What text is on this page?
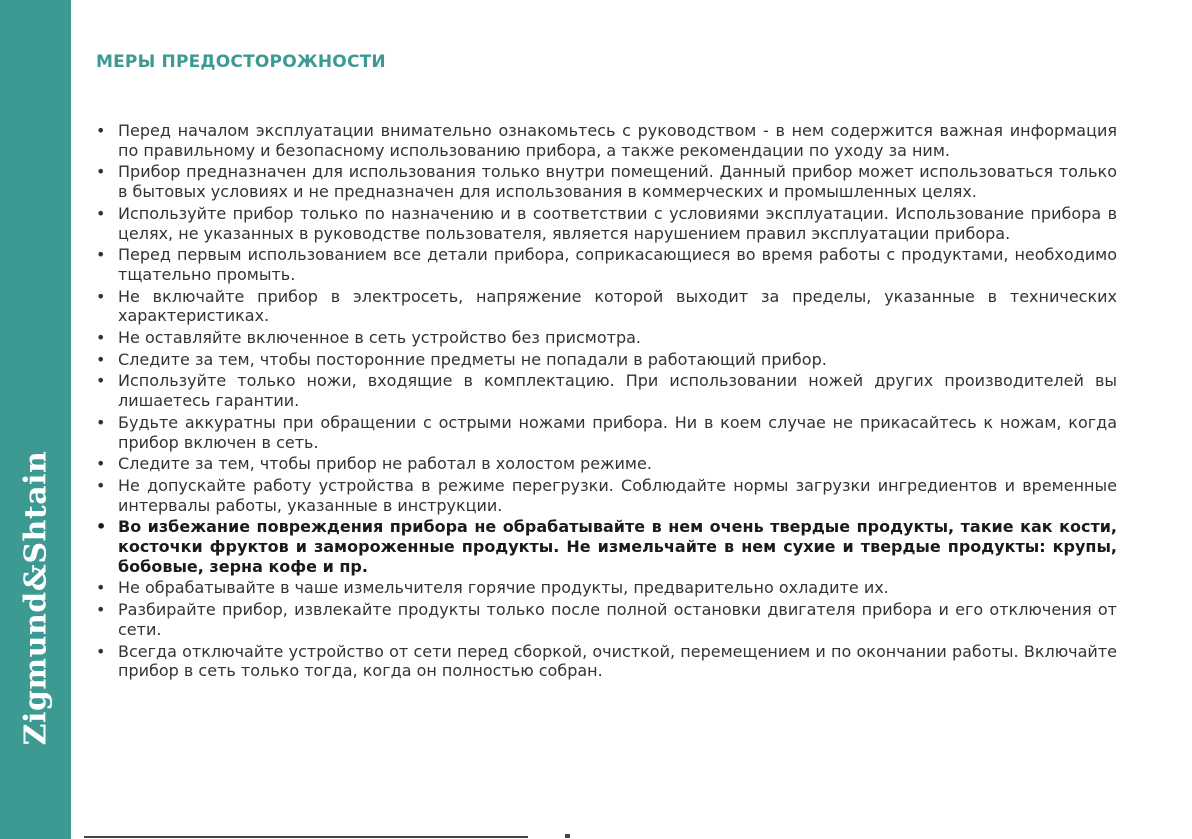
Zigmund&Shtain
МЕРЫ ПРЕДОСТОРОЖНОСТИ
• Перед началом эксплуатации внимательно ознакомьтесь с руководством - в нем содержится важная информация по правильному и безопасному использованию прибора, а также рекомендации по уходу за ним.
• Прибор предназначен для использования только внутри помещений. Данный прибор может использоваться только в бытовых условиях и не предназначен для использования в коммерческих и промышленных целях.
• Используйте прибор только по назначению и в соответствии с условиями эксплуатации. Использование прибора в целях, не указанных в руководстве пользователя, является нарушением правил эксплуатации прибора.
• Перед первым использованием все детали прибора, соприкасающиеся во время работы с продуктами, необходимо тщательно промыть.
• Не включайте прибор в электросеть, напряжение которой выходит за пределы, указанные в технических характеристиках.
• Не оставляйте включенное в сеть устройство без присмотра.
• Следите за тем, чтобы посторонние предметы не попадали в работающий прибор.
• Используйте только ножи, входящие в комплектацию. При использовании ножей других производителей вы лишаетесь гарантии.
• Будьте аккуратны при обращении с острыми ножами прибора. Ни в коем случае не прикасайтесь к ножам, когда прибор включен в сеть.
• Следите за тем, чтобы прибор не работал в холостом режиме.
• Не допускайте работу устройства в режиме перегрузки. Соблюдайте нормы загрузки ингредиентов и временные интервалы работы, указанные в инструкции.
• Во избежание повреждения прибора не обрабатывайте в нем очень твердые продукты, такие как кости, косточки фруктов и замороженные продукты. Не измельчайте в нем сухие и твердые продукты: крупы, бобовые, зерна кофе и пр.
• Не обрабатывайте в чаше измельчителя горячие продукты, предварительно охладите их.
• Разбирайте прибор, извлекайте продукты только после полной остановки двигателя прибора и его отключения от сети.
• Всегда отключайте устройство от сети перед сборкой, очисткой, перемещением и по окончании работы. Включайте прибор в сеть только тогда, когда он полностью собран.
